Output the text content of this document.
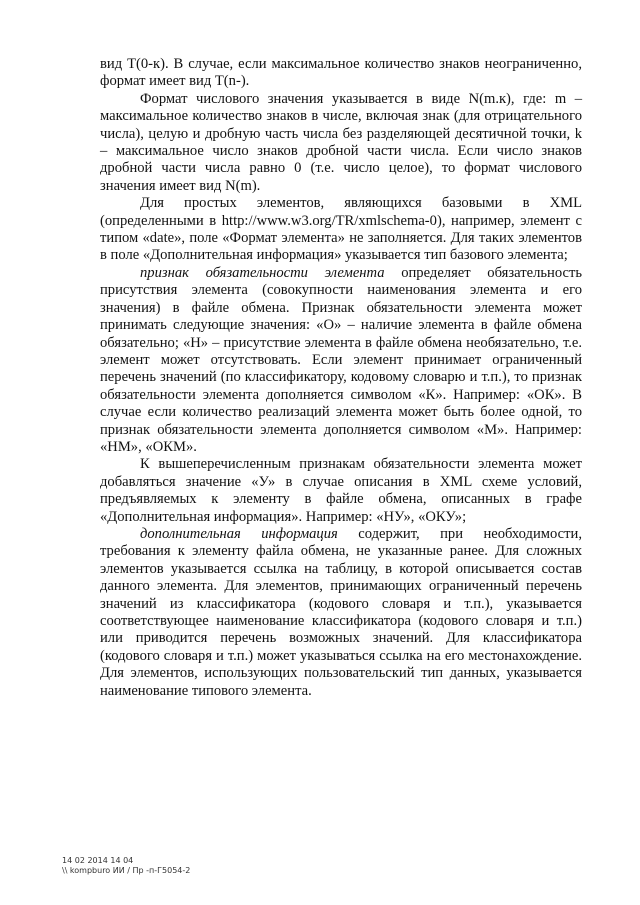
вид Т(0-к). В случае, если максимальное количество знаков неограниченно, формат имеет вид T(n-).

Формат числового значения указывается в виде N(m.к), где: m – максимальное количество знаков в числе, включая знак (для отрицательного числа), целую и дробную часть числа без разделяющей десятичной точки, k – максимальное число знаков дробной части числа. Если число знаков дробной части числа равно 0 (т.е. число целое), то формат числового значения имеет вид N(m).

Для простых элементов, являющихся базовыми в XML (определенными в http://www.w3.org/TR/xmlschema-0), например, элемент с типом «date», поле «Формат элемента» не заполняется. Для таких элементов в поле «Дополнительная информация» указывается тип базового элемента;

признак обязательности элемента определяет обязательность присутствия элемента (совокупности наименования элемента и его значения) в файле обмена. Признак обязательности элемента может принимать следующие значения: «О» – наличие элемента в файле обмена обязательно; «Н» – присутствие элемента в файле обмена необязательно, т.е. элемент может отсутствовать. Если элемент принимает ограниченный перечень значений (по классификатору, кодовому словарю и т.п.), то признак обязательности элемента дополняется символом «К». Например: «ОК». В случае если количество реализаций элемента может быть более одной, то признак обязательности элемента дополняется символом «М». Например: «НМ», «ОКМ».

К вышеперечисленным признакам обязательности элемента может добавляться значение «У» в случае описания в XML схеме условий, предъявляемых к элементу в файле обмена, описанных в графе «Дополнительная информация». Например: «НУ», «ОКУ»;

дополнительная информация содержит, при необходимости, требования к элементу файла обмена, не указанные ранее. Для сложных элементов указывается ссылка на таблицу, в которой описывается состав данного элемента. Для элементов, принимающих ограниченный перечень значений из классификатора (кодового словаря и т.п.), указывается соответствующее наименование классификатора (кодового словаря и т.п.) или приводится перечень возможных значений. Для классификатора (кодового словаря и т.п.) может указываться ссылка на его местонахождение. Для элементов, использующих пользовательский тип данных, указывается наименование типового элемента.

14 02 2014 14 04
\\ kompburo ИИ / Пр -п-Г5054-2
